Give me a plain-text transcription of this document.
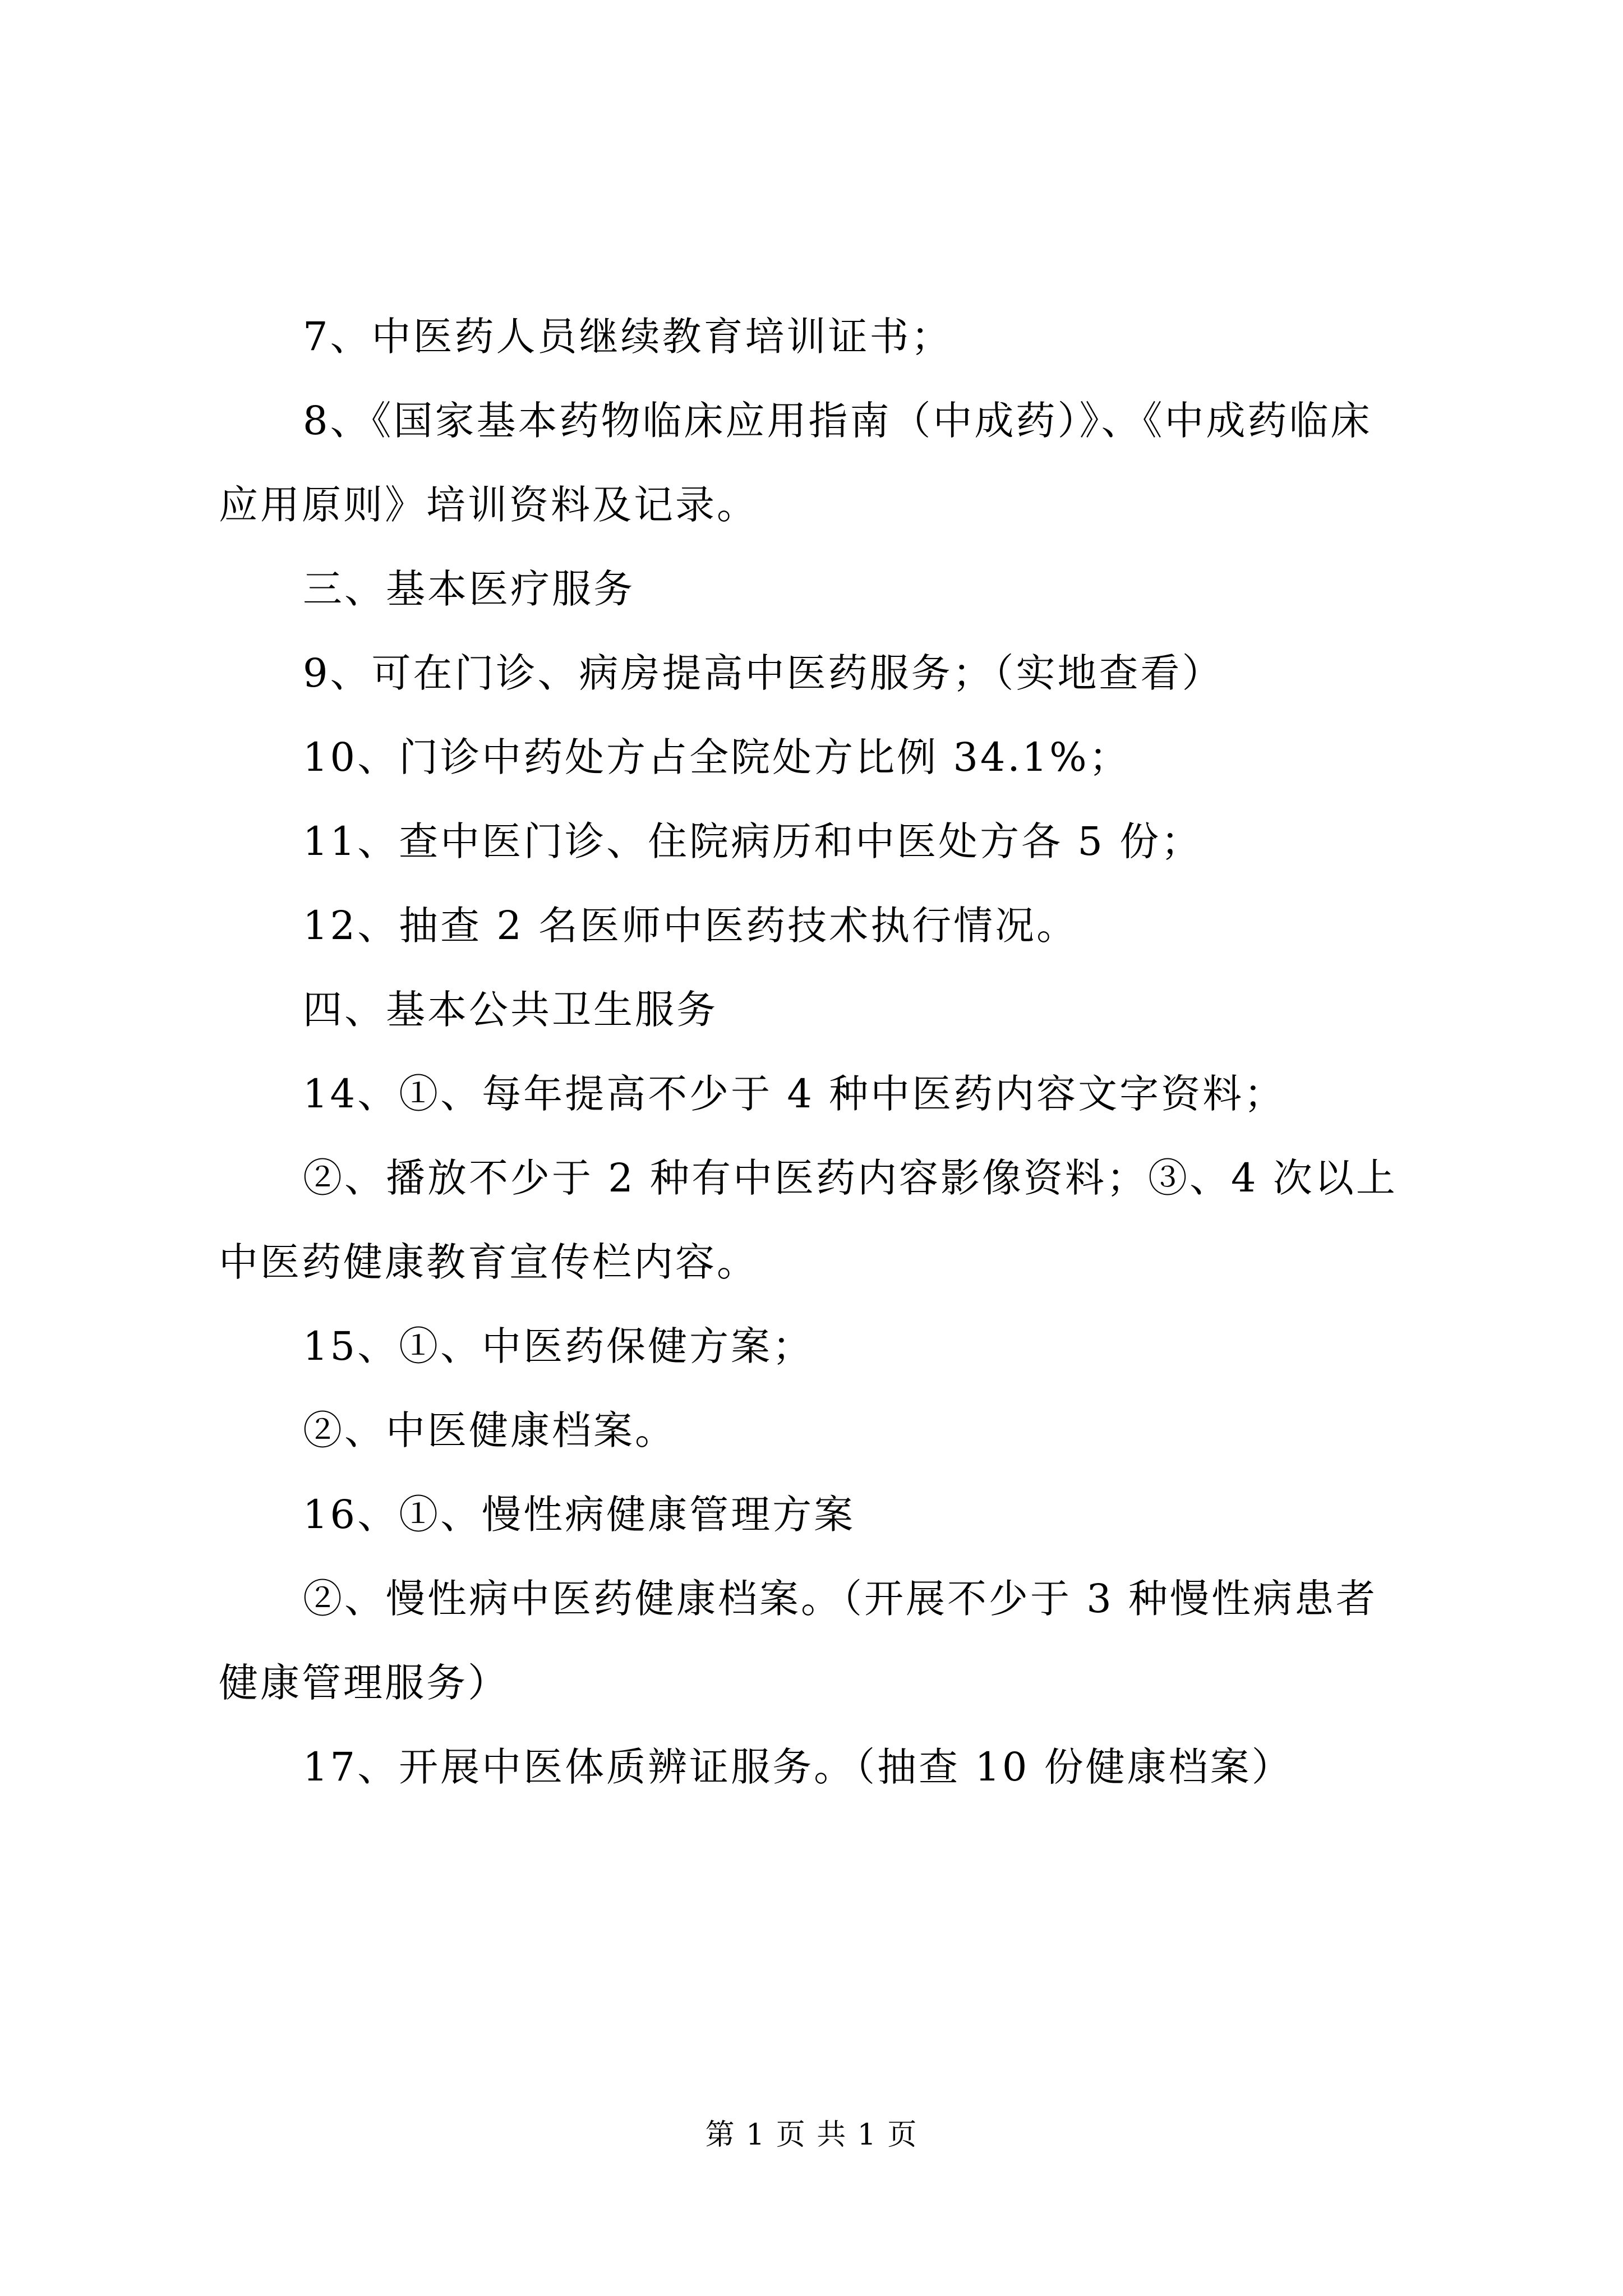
7、中医药人员继续教育培训证书；
8、《国家基本药物临床应用指南（中成药）》、《中成药临床
应用原则》培训资料及记录。
三、基本医疗服务
9、可在门诊、病房提高中医药服务；（实地查看）
10、门诊中药处方占全院处方比例 34.1%；
11、查中医门诊、住院病历和中医处方各 5 份；
12、抽查 2 名医师中医药技术执行情况。
四、基本公共卫生服务
14、①、每年提高不少于 4 种中医药内容文字资料；
②、播放不少于 2 种有中医药内容影像资料；③、4 次以上
中医药健康教育宣传栏内容。
15、①、中医药保健方案；
②、中医健康档案。
16、①、慢性病健康管理方案
②、慢性病中医药健康档案。（开展不少于 3 种慢性病患者
健康管理服务）
17、开展中医体质辨证服务。（抽查 10 份健康档案）
第 1 页 共 1 页
